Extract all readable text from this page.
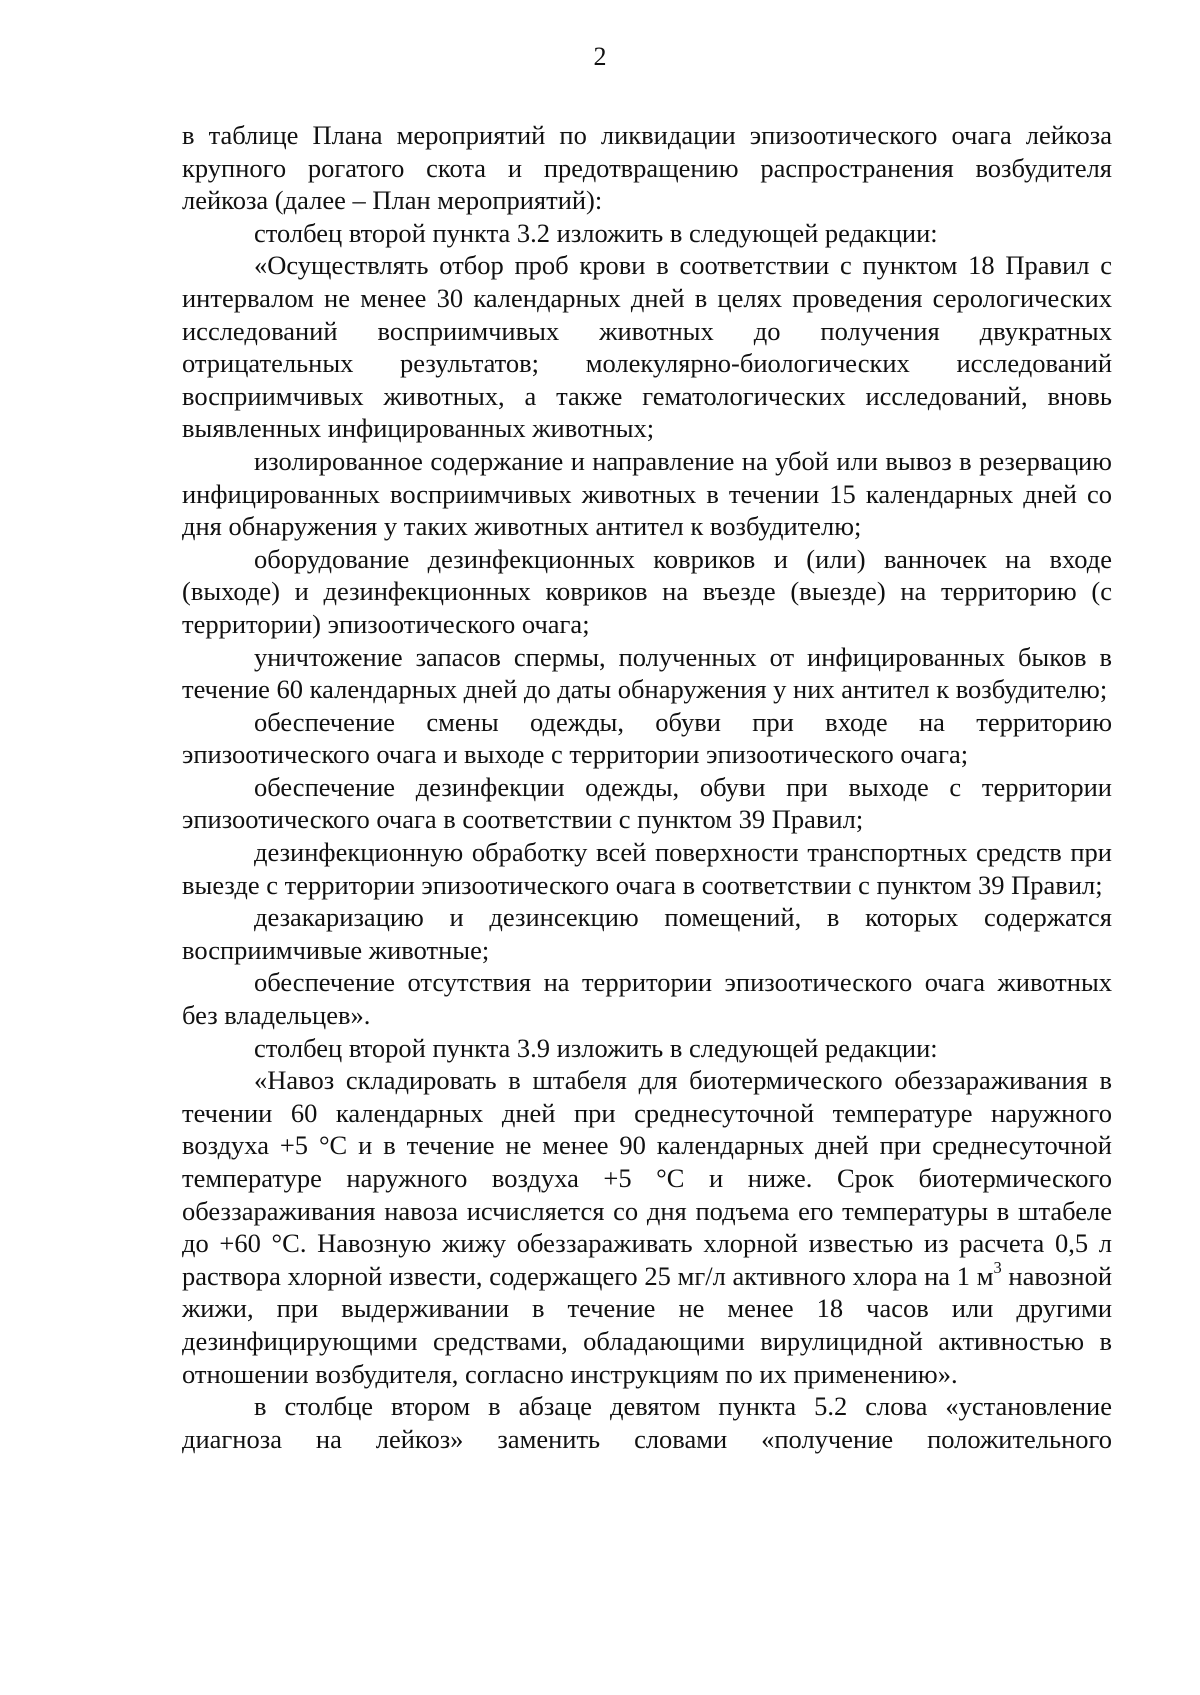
2

в таблице Плана мероприятий по ликвидации эпизоотического очага лейкоза крупного рогатого скота и предотвращению распространения возбудителя лейкоза (далее – План мероприятий):

столбец второй пункта 3.2 изложить в следующей редакции:

«Осуществлять отбор проб крови в соответствии с пунктом 18 Правил с интервалом не менее 30 календарных дней в целях проведения серологических исследований восприимчивых животных до получения двукратных отрицательных результатов; молекулярно-биологических исследований восприимчивых животных, а также гематологических исследований, вновь выявленных инфицированных животных;

изолированное содержание и направление на убой или вывоз в резервацию инфицированных восприимчивых животных в течении 15 календарных дней со дня обнаружения у таких животных антител к возбудителю;

оборудование дезинфекционных ковриков и (или) ванночек на входе (выходе) и дезинфекционных ковриков на въезде (выезде) на территорию (с территории) эпизоотического очага;

уничтожение запасов спермы, полученных от инфицированных быков в течение 60 календарных дней до даты обнаружения у них антител к возбудителю;

обеспечение смены одежды, обуви при входе на территорию эпизоотического очага и выходе с территории эпизоотического очага;

обеспечение дезинфекции одежды, обуви при выходе с территории эпизоотического очага в соответствии с пунктом 39 Правил;

дезинфекционную обработку всей поверхности транспортных средств при выезде с территории эпизоотического очага в соответствии с пунктом 39 Правил;

дезакаризацию и дезинсекцию помещений, в которых содержатся восприимчивые животные;

обеспечение отсутствия на территории эпизоотического очага животных без владельцев».

столбец второй пункта 3.9 изложить в следующей редакции:

«Навоз складировать в штабеля для биотермического обеззараживания в течении 60 календарных дней при среднесуточной температуре наружного воздуха +5 °С и в течение не менее 90 календарных дней при среднесуточной температуре наружного воздуха +5 °С и ниже. Срок биотермического обеззараживания навоза исчисляется со дня подъема его температуры в штабеле до +60 °С. Навозную жижу обеззараживать хлорной известью из расчета 0,5 л раствора хлорной извести, содержащего 25 мг/л активного хлора на 1 $м^3$ навозной жижи, при выдерживании в течение не менее 18 часов или другими дезинфицирующими средствами, обладающими вирулицидной активностью в отношении возбудителя, согласно инструкциям по их применению».

в столбце втором в абзаце девятом пункта 5.2 слова «установление диагноза на лейкоз» заменить словами «получение положительного
